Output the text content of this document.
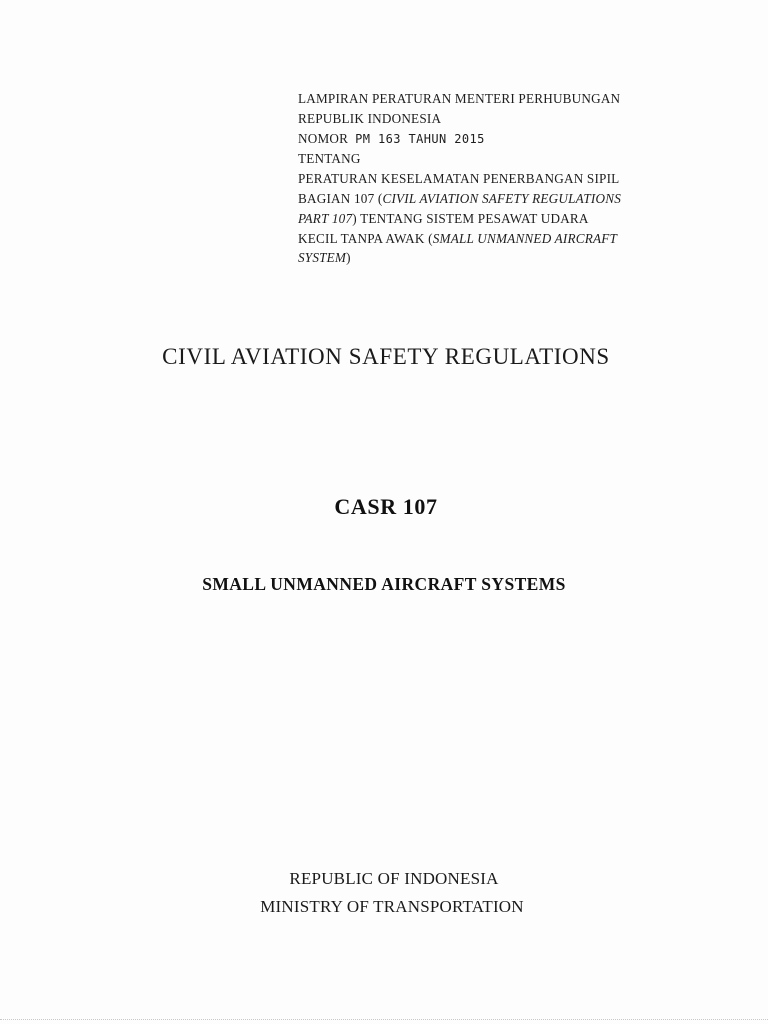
LAMPIRAN PERATURAN MENTERI PERHUBUNGAN
REPUBLIK INDONESIA
NOMOR PM 163 TAHUN 2015
TENTANG
PERATURAN KESELAMATAN PENERBANGAN SIPIL
BAGIAN 107 (CIVIL AVIATION SAFETY REGULATIONS
PART 107) TENTANG SISTEM PESAWAT UDARA
KECIL TANPA AWAK (SMALL UNMANNED AIRCRAFT
SYSTEM)
CIVIL AVIATION SAFETY REGULATIONS
CASR 107
SMALL UNMANNED AIRCRAFT SYSTEMS
REPUBLIC OF INDONESIA
MINISTRY OF TRANSPORTATION
